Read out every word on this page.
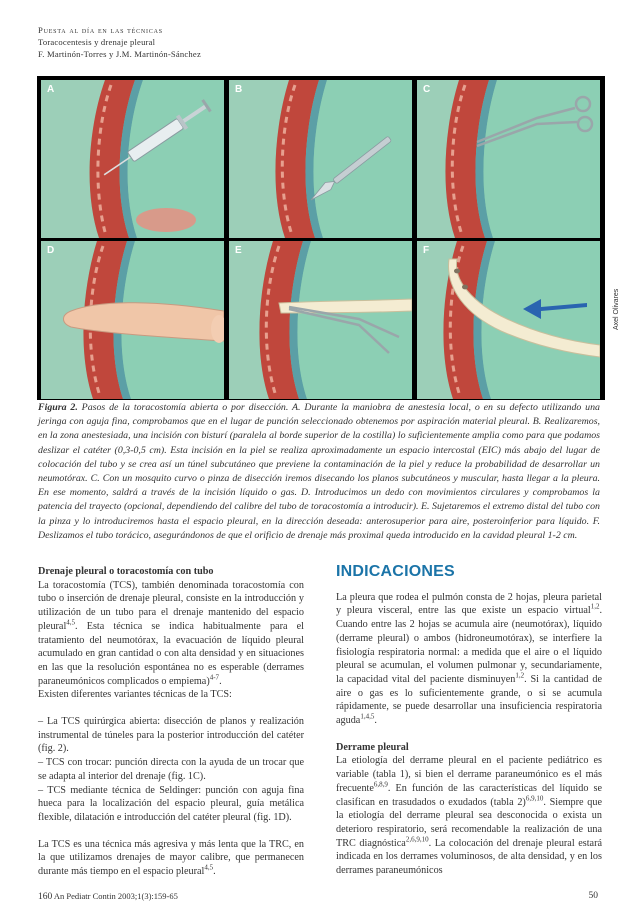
Puesta al día en las técnicas
Toracocentesis y drenaje pleural
F. Martinón-Torres y J.M. Martinón-Sánchez
A	B	C
D	E	F
Axel Olivares
Figura 2. Pasos de la toracostomía abierta o por disección. A. Durante la maniobra de anestesia local, o en su defecto utilizando una jeringa con aguja fina, comprobamos que en el lugar de punción seleccionado obtenemos por aspiración material pleural. B. Realizaremos, en la zona anestesiada, una incisión con bisturí (paralela al borde superior de la costilla) lo suficientemente amplia como para que podamos deslizar el catéter (0,3-0,5 cm). Esta incisión en la piel se realiza aproximadamente un espacio intercostal (EIC) más abajo del lugar de colocación del tubo y se crea así un túnel subcutáneo que previene la contaminación de la piel y reduce la probabilidad de desarrollar un neumotórax. C. Con un mosquito curvo o pinza de disección iremos disecando los planos subcutáneos y muscular, hasta llegar a la pleura. En ese momento, saldrá a través de la incisión líquido o gas. D. Introducimos un dedo con movimientos circulares y comprobamos la patencia del trayecto (opcional, dependiendo del calibre del tubo de toracostomía a introducir). E. Sujetaremos el extremo distal del tubo con la pinza y lo introduciremos hasta el espacio pleural, en la dirección deseada: anterosuperior para aire, posteroinferior para líquido. F. Deslizamos el tubo torácico, asegurándonos de que el orificio de drenaje más proximal queda introducido en la cavidad pleural 1-2 cm.

Drenaje pleural o toracostomía con tubo

La toracostomía (TCS), también denominada toracostomía con tubo o inserción de drenaje pleural, consiste en la introducción y utilización de un tubo para el drenaje mantenido del espacio pleural$^{4,5}$. Esta técnica se indica habitualmente para el tratamiento del neumotórax, la evacuación de líquido pleural acumulado en gran cantidad o con alta densidad y en situaciones en las que la resolución espontánea no es esperable (derrames paraneumónicos complicados o empiema)$^{4-7}$.

Existen diferentes variantes técnicas de la TCS:

– La TCS quirúrgica abierta: disección de planos y realización instrumental de túneles para la posterior introducción del catéter (fig. 2).

– TCS con trocar: punción directa con la ayuda de un trocar que se adapta al interior del drenaje (fig. 1C).

– TCS mediante técnica de Seldinger: punción con aguja fina hueca para la localización del espacio pleural, guía metálica flexible, dilatación e introducción del catéter pleural (fig. 1D).

La TCS es una técnica más agresiva y más lenta que la TRC, en la que utilizamos drenajes de mayor calibre, que permanecen durante más tiempo en el espacio pleural$^{4,5}$.

INDICACIONES

La pleura que rodea el pulmón consta de 2 hojas, pleura parietal y pleura visceral, entre las que existe un espacio virtual$^{1,2}$. Cuando entre las 2 hojas se acumula aire (neumotórax), líquido (derrame pleural) o ambos (hidroneumotórax), se interfiere la fisiología respiratoria normal: a medida que el aire o el líquido pleural se acumulan, el volumen pulmonar y, secundariamente, la capacidad vital del paciente disminuyen$^{1,2}$. Si la cantidad de aire o gas es lo suficientemente grande, o si se acumula rápidamente, se puede desarrollar una insuficiencia respiratoria aguda$^{1,4,5}$.

Derrame pleural

La etiología del derrame pleural en el paciente pediátrico es variable (tabla 1), si bien el derrame paraneumónico es el más frecuente$^{6,8,9}$. En función de las características del líquido se clasifican en trasudados o exudados (tabla 2)$^{6,9,10}$. Siempre que la etiología del derrame pleural sea desconocida o exista un deterioro respiratorio, será recomendable la realización de una TRC diagnóstica$^{2,6,9,10}$. La colocación del drenaje pleural estará indicada en los derrames voluminosos, de alta densidad, y en los derrames paraneumónicos

160 An Pediatr Contin 2003;1(3):159-65	50
